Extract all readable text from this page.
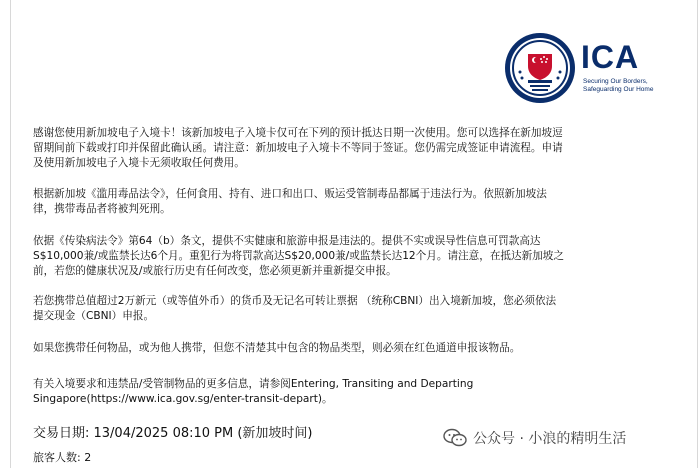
ICA
Securing Our Borders,
Safeguarding Our Home

感谢您使用新加坡电子入境卡！该新加坡电子入境卡仅可在下列的预计抵达日期一次使用。您可以选择在新加坡逗
留期间前下载或打印并保留此确认函。请注意：新加坡电子入境卡不等同于签证。您仍需完成签证申请流程。申请
及使用新加坡电子入境卡无须收取任何费用。

根据新加坡《滥用毒品法令》，任何食用、持有、进口和出口、贩运受管制毒品都属于违法行为。依照新加坡法
律，携带毒品者将被判死刑。

依据《传染病法令》第64（b）条文，提供不实健康和旅游申报是违法的。提供不实或误导性信息可罚款高达
S$10,000兼/或监禁长达6个月。重犯行为将罚款高达S$20,000兼/或监禁长达12个月。请注意，在抵达新加坡之
前，若您的健康状况及/或旅行历史有任何改变，您必须更新并重新提交申报。

若您携带总值超过2万新元（或等值外币）的货币及无记名可转让票据 （统称CBNI）出入境新加坡，您必须依法
提交现金（CBNI）申报。

如果您携带任何物品，或为他人携带，但您不清楚其中包含的物品类型，则必须在红色通道申报该物品。

有关入境要求和违禁品/受管制物品的更多信息，请参阅Entering, Transiting and Departing
Singapore(https://www.ica.gov.sg/enter-transit-depart)。

交易日期: 13/04/2025 08:10 PM (新加坡时间)

旅客人数: 2

公众号 · 小浪的精明生活
